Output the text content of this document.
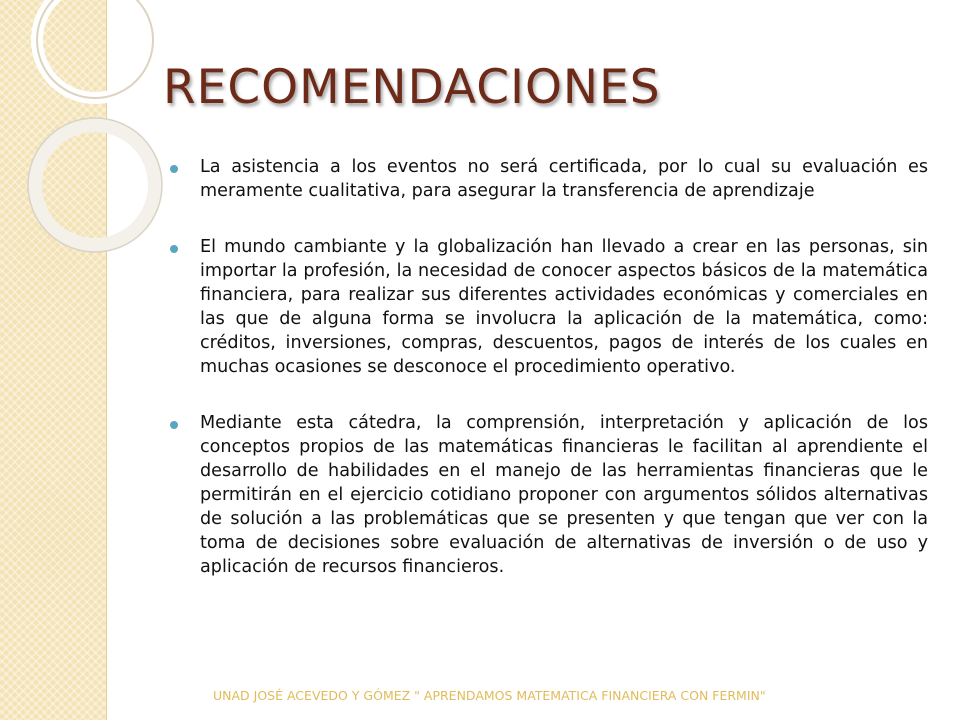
RECOMENDACIONES
La asistencia a los eventos no será certificada, por lo cual su evaluación es meramente cualitativa, para asegurar la transferencia de aprendizaje
El mundo cambiante y la globalización han llevado a crear en las personas, sin importar la profesión, la necesidad de conocer aspectos básicos de la matemática financiera, para realizar sus diferentes actividades económicas y comerciales en las que de alguna forma se involucra la aplicación de la matemática, como: créditos, inversiones, compras, descuentos, pagos de interés de los cuales en muchas ocasiones se desconoce el procedimiento operativo.
Mediante esta cátedra, la comprensión, interpretación y aplicación de los conceptos propios de las matemáticas financieras le facilitan al aprendiente el desarrollo de habilidades en el manejo de las herramientas financieras que le permitirán en el ejercicio cotidiano proponer con argumentos sólidos alternativas de solución a las problemáticas que se presenten y que tengan que ver con la toma de decisiones sobre evaluación de alternativas de inversión o de uso y aplicación de recursos financieros.
UNAD JOSÉ ACEVEDO Y GÓMEZ " APRENDAMOS MATEMATICA FINANCIERA CON FERMIN"
